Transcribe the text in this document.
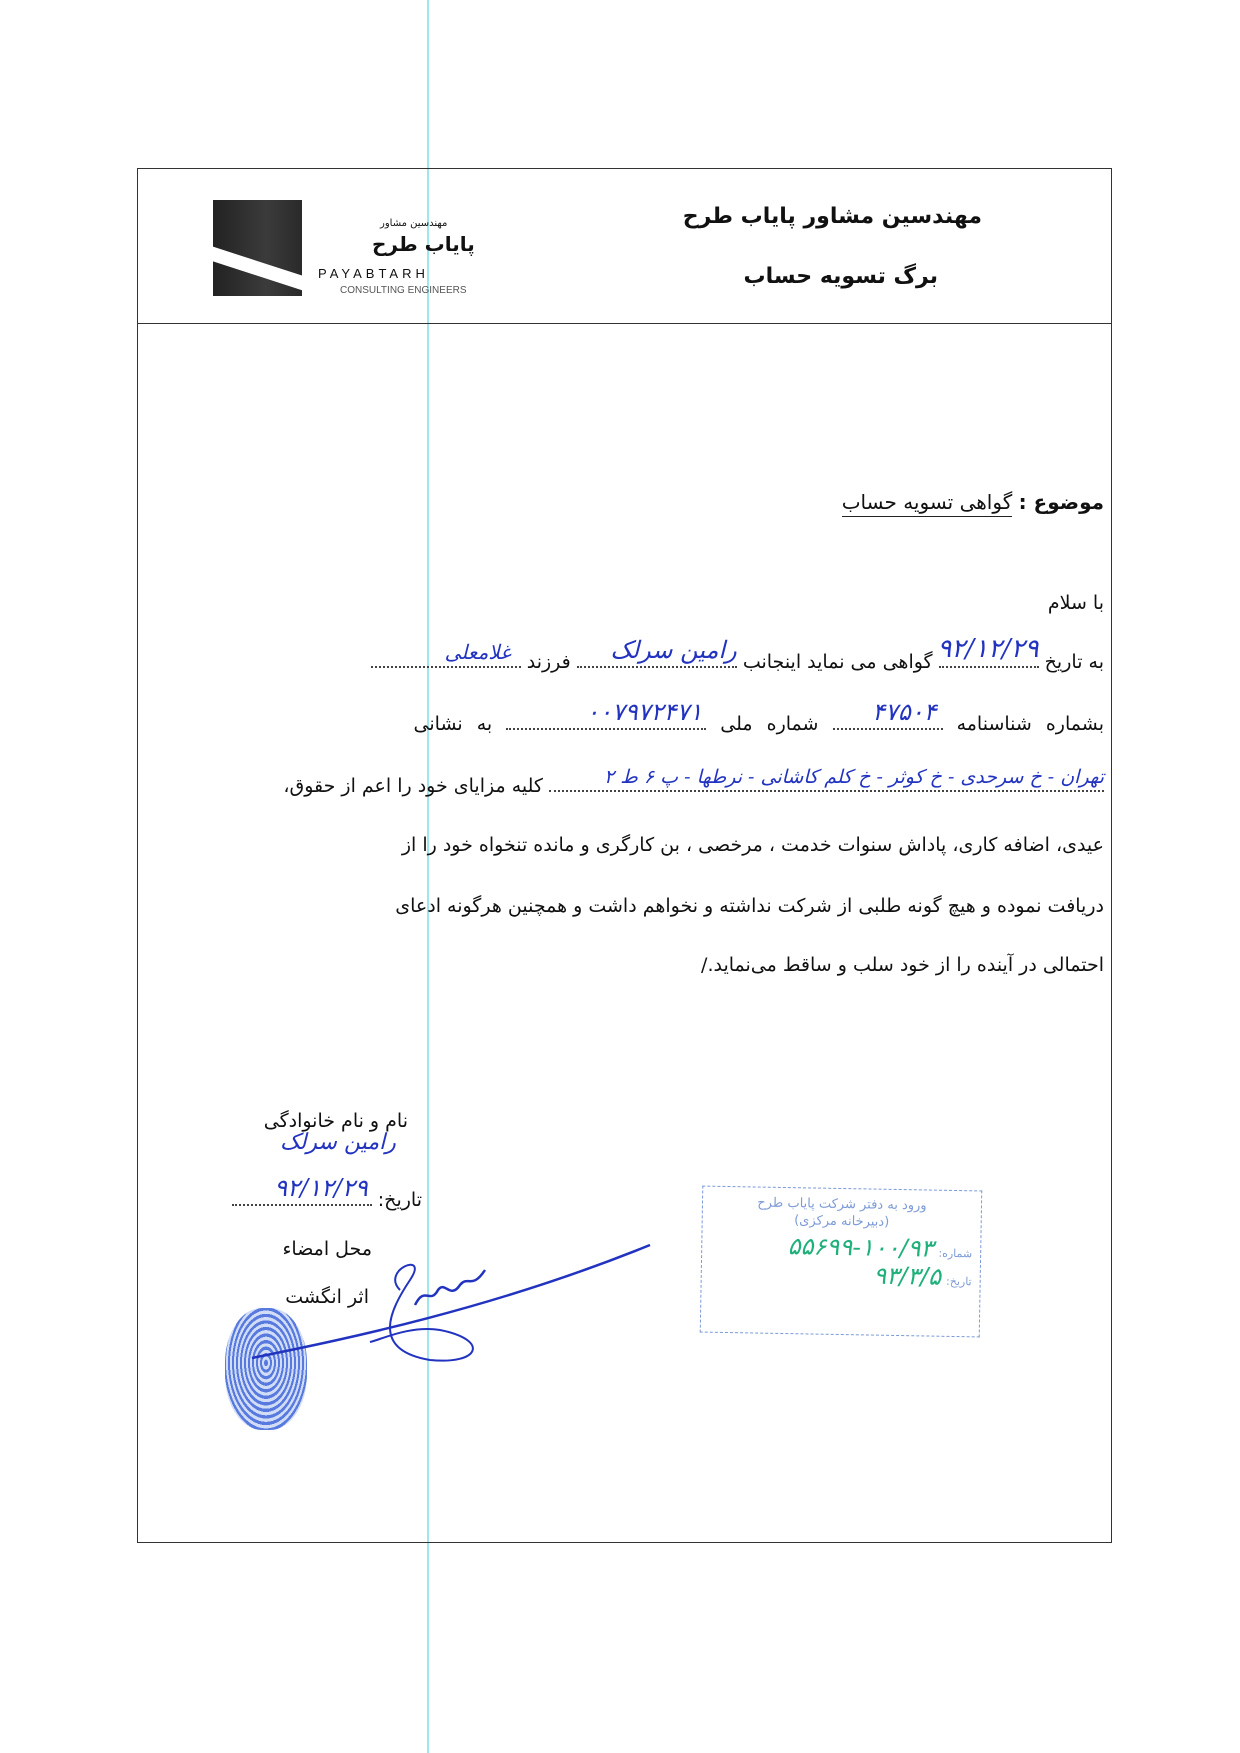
مهندسین مشاور
پایاب طرح
PAYABTARH
CONSULTING ENGINEERS
مهندسین مشاور پایاب طرح
برگ تسویه حساب
موضوع : گواهی تسویه حساب
با سلام
به تاریخ
۹۲/۱۲/۲۹
گواهی می نماید اینجانب
رامین سرلک
فرزند
غلامعلی
بشماره شناسنامه
۴۷۵۰۴
شماره ملی
۰۰۷۹۷۲۴۷۱
به نشانی
تهران - خ سرحدی - خ کوثر - خ کلم کاشانی - نرطها - پ ۶ ط ۲
کلیه مزایای خود را اعم از حقوق،
عیدی، اضافه کاری، پاداش سنوات خدمت ، مرخصی ، بن کارگری و مانده تنخواه خود را از
دریافت نموده و هیچ گونه طلبی از شرکت نداشته و نخواهم داشت و همچنین هرگونه ادعای
احتمالی در آینده را از خود سلب و ساقط می‌نماید./
نام و نام خانوادگی
رامین سرلک
تاریخ:
۹۲/۱۲/۲۹
محل امضاء
اثر انگشت
ورود به دفتر شرکت پایاب طرح
(دبیرخانه مرکزی)
شماره: ۱۰۰/۹۳-۵۵۶۹۹
تاریخ: ۹۳/۳/۵
